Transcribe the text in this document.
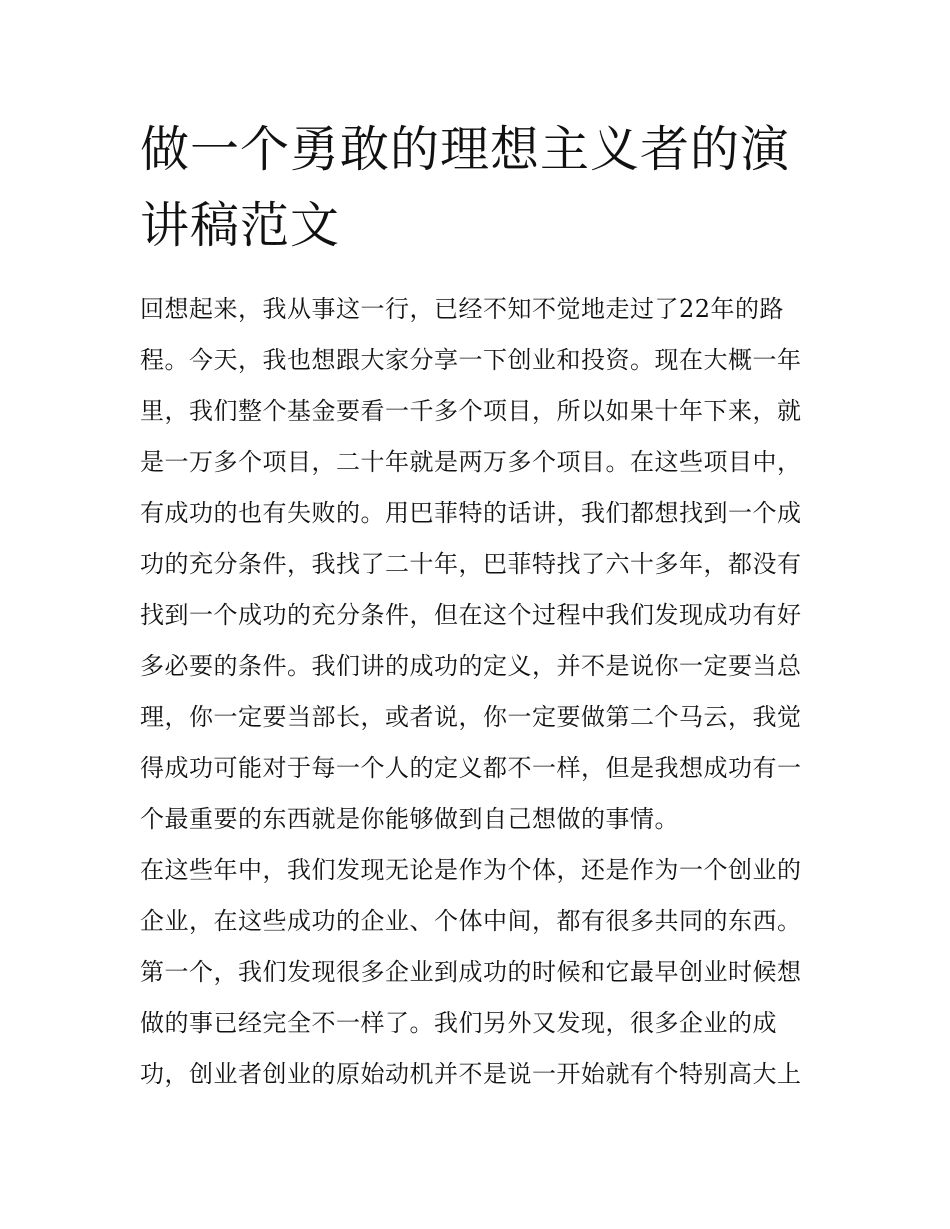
做一个勇敢的理想主义者的演
讲稿范文

回想起来，我从事这一行，已经不知不觉地走过了22年的路
程。今天，我也想跟大家分享一下创业和投资。现在大概一年
里，我们整个基金要看一千多个项目，所以如果十年下来，就
是一万多个项目，二十年就是两万多个项目。在这些项目中，
有成功的也有失败的。用巴菲特的话讲，我们都想找到一个成
功的充分条件，我找了二十年，巴菲特找了六十多年，都没有
找到一个成功的充分条件，但在这个过程中我们发现成功有好
多必要的条件。我们讲的成功的定义，并不是说你一定要当总
理，你一定要当部长，或者说，你一定要做第二个马云，我觉
得成功可能对于每一个人的定义都不一样，但是我想成功有一
个最重要的东西就是你能够做到自己想做的事情。

在这些年中，我们发现无论是作为个体，还是作为一个创业的
企业，在这些成功的企业、个体中间，都有很多共同的东西。
第一个，我们发现很多企业到成功的时候和它最早创业时候想
做的事已经完全不一样了。我们另外又发现，很多企业的成
功，创业者创业的原始动机并不是说一开始就有个特别高大上
